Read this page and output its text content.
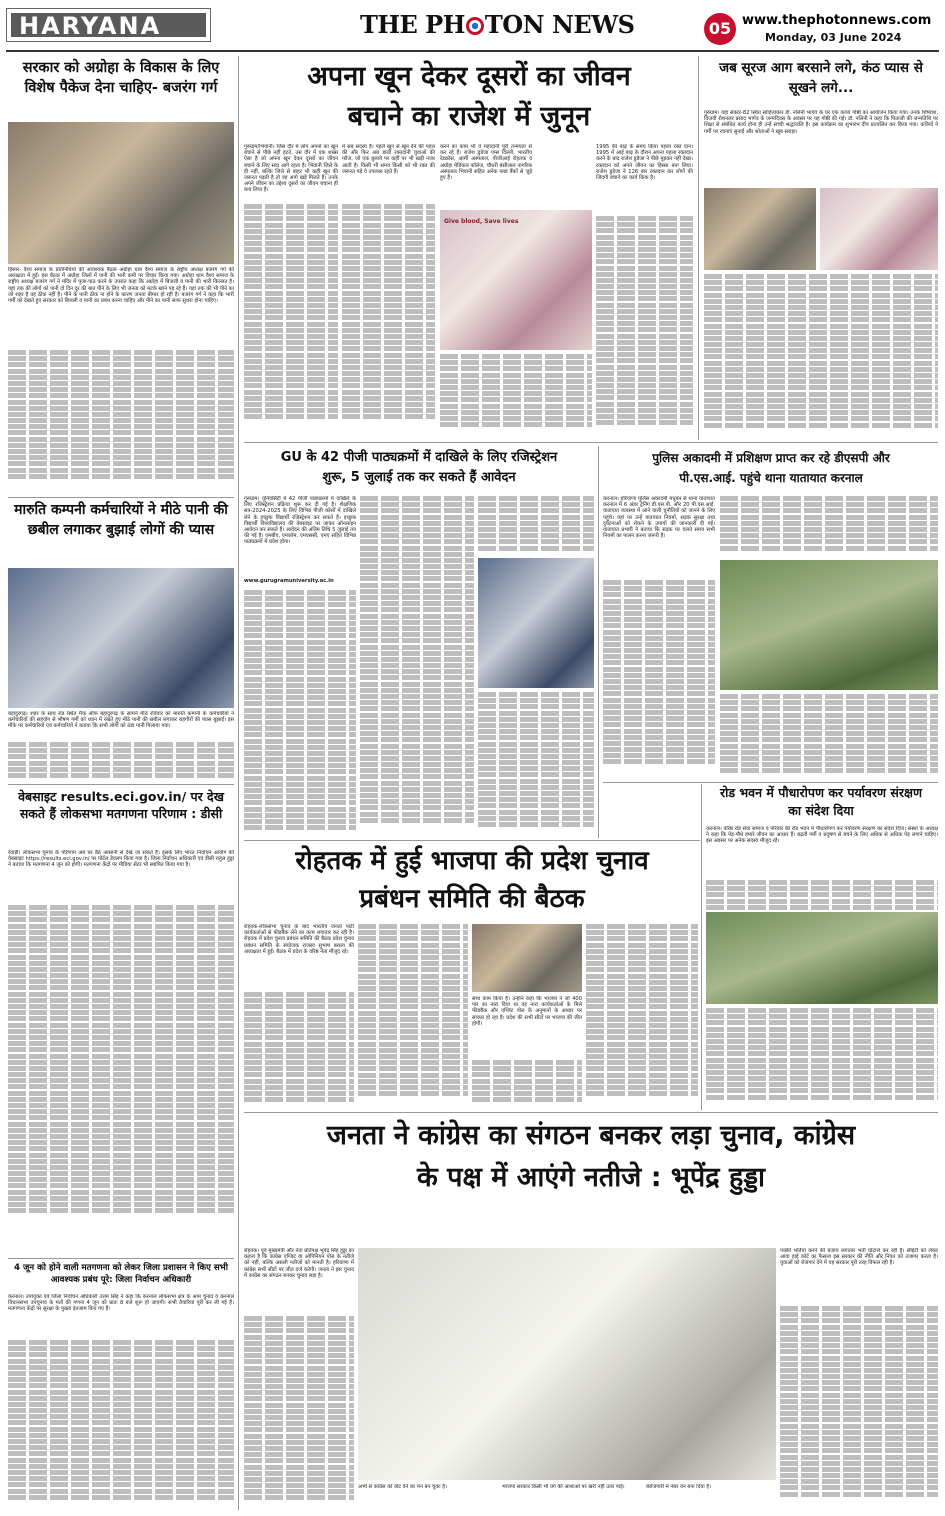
HARYANA	THE PH TON NEWS	05 www.thephotonnews.com
Monday, 03 June 2024
सरकार को अग्रोहा के विकास के लिए विशेष पैकेज देना चाहिए- बजरंग गर्ग
हिसार- वैश्य समाज के प्रतिनिधियों की आवश्यक बैठक अग्रोहा धाम वैश्य समाज के राष्ट्रीय अध्यक्ष बजरंग गर्ग की अध्यक्षता में हुई। इस बैठक में अग्रोहा जिलों में पानी की भारी कमी पर विचार किया गया। अग्रोहा धाम वैश्य समाज के राष्ट्रीय अध्यक्ष बजरंग गर्ग ने मंदिर में पूजा-पाठ करने के उपरांत कहा कि अग्रोहा में बिजली व पानी की भारी किल्लत है। यहां तक की लोगों को पानी दो दिन दूर की बात पीने के लिए भी जनता को मटके खाने पड़ रहे हैं। यहां तक की भी पीने का जो शहर है वह ठीक नहीं है। पीने के पानी ठीक ना होने के कारण जनता बीमार हो रही है। बजरंग गर्ग ने कहा कि भारी गर्मी को देखते हुए सरकार को बिजली व पानी का प्रबंध करना चाहिए और पीने का पानी साफ सुथरा होना चाहिए।
मारुति कम्पनी कर्मचारियों ने मीठे पानी की छबील लगाकर बुझाई लोगों की प्यास
बहादुरगढ़। शहर के साथ रोड स्थित मैक ऑफ बहादुरगढ़ के सामने मीठे रविवार को मारुति कम्पनी के कर्मचारियों ने कर्मचारियों की सहयोग से भीषण गर्मी को ध्यान में रखते हुए मीठे पानी की छबील लगाकर राहगीरों की प्यास बुझाई। इस मौके पर कर्मचारियों एवं कर्मचारियों ने बताया कि सभी लोगों को ठंडा पानी पिलाया गया।
वेबसाइट results.eci.gov.in/ पर देख सकते हैं लोकसभा मतगणना परिणाम : डीसी
रेवाड़ी। लोकसभा चुनाव के परिणाम अब घर बैठे आसानी से देखे जा सकते हैं। इसके लिए भारत निर्वाचन आयोग की वेबसाइट https://results.eci.gov.in/ पर पोर्टल डेवलप किया गया है। जिला निर्वाचन अधिकारी एवं डीसी राहुल हुड्डा ने बताया कि मतगणना 4 जून को होगी। मतगणना केंद्रों पर मीडिया सेंटर भी स्थापित किया गया है।
4 जून को होने वाली मतगणना को लेकर जिला प्रशासन ने किए सभी आवश्यक प्रबंध पूरे: जिला निर्वाचन अधिकारी
करनाल। उपायुक्त एवं जिला निर्वाचन अधिकारी उत्तम सिंह ने कहा कि करनाल लोकसभा क्षेत्र के आम चुनाव व करनाल विधानसभा उपचुनाव के मतों की गणना 4 जून को प्रातः 8 बजे शुरू हो जाएगी। सभी तैयारियां पूरी कर ली गई हैं। मतगणना केंद्रों पर सुरक्षा के पुख्ता इंतजाम किए गए हैं।
अपना खून देकर दूसरों का जीवन
बचाने का राजेश में जुनून
गुरुग्राम/भिवानी। जिस दौर में लोग अपनों का खून बचाने से पीछे नहीं हटते, उस दौर में एक शख्स ऐसा है जो अपना खून देकर दूसरों का जीवन बचाने के लिए सदा आगे रहता है। भिवानी जिले के ही नहीं, बल्कि जिले से बाहर भी कहीं खून की जरूरत पड़ती है तो वह आगे खड़े मिलते हैं। उनके अपने जीवन का उद्देश्य दूसरों का जीवन बचाना ही बना लिया है।
में सब सदस्य हैं। पहले खून से खून देने की पहल की और फिर अब डाली रक्तदानी युवाओं की फौज, जो एक बुलावे पर कहीं पर भी खड़ी नजर आती है। किसी भी समय किसी को भी रक्त की जरूरत पड़े वे उपलब्ध रहते हैं।
करने का काम भी ये महादानी पूरी तन्मयता से कर रहे हैं। राजेश डुडेजा एम्स दिल्ली, भारतीय रेडक्रॉस, आर्मी अस्पताल, पीजीआई रोहतक व अग्रोहा मेडिकल कॉलेज, चौधरी बंसीलाल नागरिक अस्पताल भिवानी सहित अनेक ब्लड बैंकों से जुड़े हुए हैं।
1995 की बाढ़ के समय किया पहला रक्त दान। 1995 में आई बाढ़ के दौरान अपना पहला रक्तदान करने के बाद राजेश डुडेजा ने पीछे मुड़कर नहीं देखा। रक्तदान को अपने जीवन का हिस्सा बना लिया। राजेश डुडेजा ने 126 बार रक्तदान कर लोगों की जिंदगी बचाने का कार्य किया है।
Give blood, Save lives
जब सूरज आग बरसाने लगे, कंठ प्यास से सूखने लगे...
गुरुग्राम। यहां सेक्टर-82 स्थित साहित्यकार डॉ. नलिनी भार्गव के घर एक काव्य गोष्ठी का आयोजन किया गया। उनके शिष्यांश, विजयी रोशनलर प्रसाद भार्गव के जन्मदिवस के अवसर पर यह गोष्ठी की गई। डॉ. नलिनी ने कहा कि पिताजी की जन्मतिथि पर शिक्षा से संबंधित कार्य होना ही उन्हें सच्ची श्रद्धांजलि है। इस कार्यक्रम का शुभारंभ दीप प्रज्वलित कर किया गया। कवियों ने गर्मी पर रचनाएं सुनाईं और श्रोताओं ने खूब सराहा।
GU के 42 पीजी पाठ्यक्रमों में दाखिले के लिए रजिस्ट्रेशन
शुरू, 5 जुलाई तक कर सकते हैं आवेदन
गुरुग्राम। यूनिवर्सिटी में 42 पीजी पाठ्यक्रमों में दाखिले के लिए रजिस्ट्रेशन प्रक्रिया शुरू कर दी गई है। शैक्षणिक सत्र-2024-2025 के लिए विभिन्न पीजी कोर्सों में दाखिले लेने के इच्छुक विद्यार्थी रजिस्ट्रेशन कर सकते हैं। इच्छुक विद्यार्थी विश्वविद्यालय की वेबसाइट पर जाकर ऑनलाइन आवेदन कर सकते हैं। आवेदन की अंतिम तिथि 5 जुलाई तय की गई है। एमबीए, एमकॉम, एमएससी, एमए सहित विभिन्न पाठ्यक्रमों में प्रवेश होगा।
www.gurugramuniversity.ac.in
पुलिस अकादमी में प्रशिक्षण प्राप्त कर रहे डीएसपी और
पी.एस.आई. पहुंचे थाना यातायात करनाल
करनाल। हरियाणा पुलिस अकादमी मधुबन से थाना यातायात करनाल में 6 अंडर ट्रेनिंग डी.एस.पी. और 20 पी.एस.आई. यातायात व्यवस्था में आने वाली चुनौतियों को जानने के लिए पहुंचे। यहां पर उन्हें यातायात नियमों, सड़क सुरक्षा तथा दुर्घटनाओं को रोकने के उपायों की जानकारी दी गई। यातायात प्रभारी ने बताया कि सड़क पर चलते समय सभी नियमों का पालन करना जरूरी है।
रोड भवन में पौधारोपण कर पर्यावरण संरक्षण का संदेश दिया
करनाल। वरिष्ठ रोड सेवा समाज व परिवार की रोड भवन में पौधारोपण कर पर्यावरण संरक्षण का संदेश दिया। संस्था के अध्यक्ष ने कहा कि पेड़-पौधे हमारे जीवन का आधार हैं। बढ़ती गर्मी व प्रदूषण से बचने के लिए अधिक से अधिक पेड़ लगाने चाहिए। इस अवसर पर अनेक सदस्य मौजूद रहे।
रोहतक में हुई भाजपा की प्रदेश चुनाव
प्रबंधन समिति की बैठक
रोहतक-लोकसभा चुनाव के बाद भारतीय जनता पार्टी कार्यकर्ताओं से फीडबैक लेने का काम लगातार कर रही है। रोहतक में प्रदेश चुनाव प्रबंधन समिति की बैठक प्रदेश चुनाव प्रबंधन समिति के संयोजक राजस्व सुभाष बराला की अध्यक्षता में हुई। बैठक में प्रदेश के वरिष्ठ नेता मौजूद रहे।
साथ काम किया है। उन्होंने कहा कि भाजपा ने जो 400 पार का नारा दिया था वह नारा कार्यकर्ताओं के मिले फीडबैक और एग्जिट पोल के अनुमानों के आधार पर साकार हो रहा है। प्रदेश की सभी सीटों पर भाजपा की जीत होगी।
जनता ने कांग्रेस का संगठन बनकर लड़ा चुनाव, कांग्रेस
के पक्ष में आएंगे नतीजे : भूपेंद्र हुड्डा
रोहतक। पूर्व मुख्यमंत्री और नेता प्रतिपक्ष भूपेंद्र सिंह हुड्डा का कहना है कि कांग्रेस एग्जिट या ओपिनियन पोल के नतीजे को नहीं, बल्कि असली नतीजों को मानती है। हरियाणा में कांग्रेस सभी सीटों पर जीत दर्ज करेगी। जनता ने इस चुनाव में कांग्रेस का संगठन बनकर चुनाव लड़ा है।
अभी से कांग्रेस को वोट देने का मन बन चुका है।	भाजपा सरकार किसी भी वर्ग की आशाओं पर खरी नहीं उतर पाई।	बेरोजगारी में नंबर वन बना दिया है।
पक्की भर्तियां करने की बजाय लगातार भर्ती घोटाले कर रही है। सीईटी को लेकर आया हाई कोर्ट का फैसला इस सरकार की नीति और नियत को उजागर करता है। युवाओं को रोजगार देने में यह सरकार पूरी तरह विफल रही है।
